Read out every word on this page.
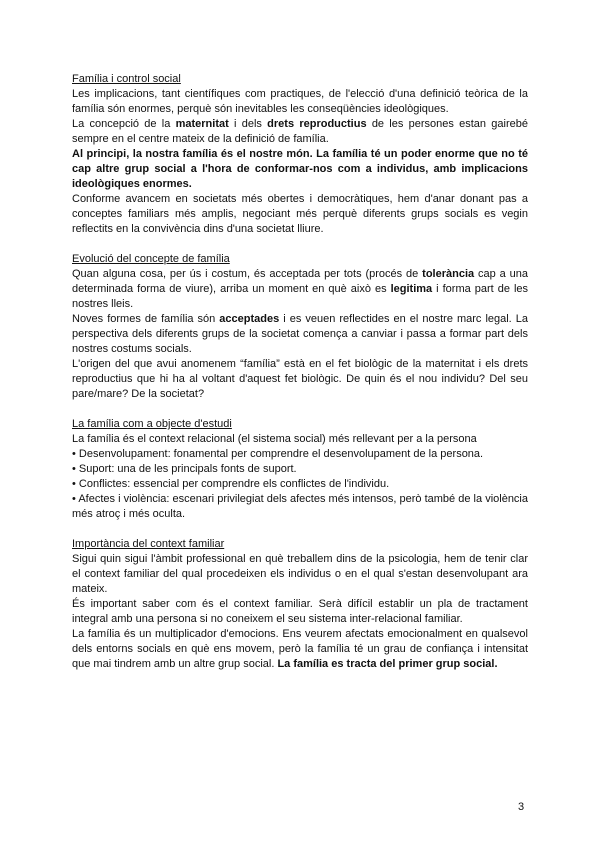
Família i control social

Les implicacions, tant científiques com practiques, de l'elecció d'una definició teòrica de la família són enormes, perquè són inevitables les conseqüències ideològiques.

La concepció de la maternitat i dels drets reproductius de les persones estan gairebé sempre en el centre mateix de la definició de família.

Al principi, la nostra família és el nostre món. La família té un poder enorme que no té cap altre grup social a l'hora de conformar-nos com a individus, amb implicacions ideològiques enormes.

Conforme avancem en societats més obertes i democràtiques, hem d'anar donant pas a conceptes familiars més amplis, negociant més perquè diferents grups socials es vegin reflectits en la convivència dins d'una societat lliure.

Evolució del concepte de família

Quan alguna cosa, per ús i costum, és acceptada per tots (procés de tolerància cap a una determinada forma de viure), arriba un moment en què això es legitima i forma part de les nostres lleis.

Noves formes de família són acceptades i es veuen reflectides en el nostre marc legal. La perspectiva dels diferents grups de la societat comença a canviar i passa a formar part dels nostres costums socials.

L'origen del que avui anomenem “família” està en el fet biològic de la maternitat i els drets reproductius que hi ha al voltant d'aquest fet biològic. De quin és el nou individu? Del seu pare/mare? De la societat?

La família com a objecte d'estudi

La família és el context relacional (el sistema social) més rellevant per a la persona

• Desenvolupament: fonamental per comprendre el desenvolupament de la persona.

• Suport: una de les principals fonts de suport.

• Conflictes: essencial per comprendre els conflictes de l'individu.

• Afectes i violència: escenari privilegiat dels afectes més intensos, però també de la violència més atroç i més oculta.

Importància del context familiar

Sigui quin sigui l'àmbit professional en què treballem dins de la psicologia, hem de tenir clar el context familiar del qual procedeixen els individus o en el qual s'estan desenvolupant ara mateix.

És important saber com és el context familiar. Serà difícil establir un pla de tractament integral amb una persona si no coneixem el seu sistema inter-relacional familiar.

La família és un multiplicador d'emocions. Ens veurem afectats emocionalment en qualsevol dels entorns socials en què ens movem, però la família té un grau de confiança i intensitat que mai tindrem amb un altre grup social. La família es tracta del primer grup social.

3
